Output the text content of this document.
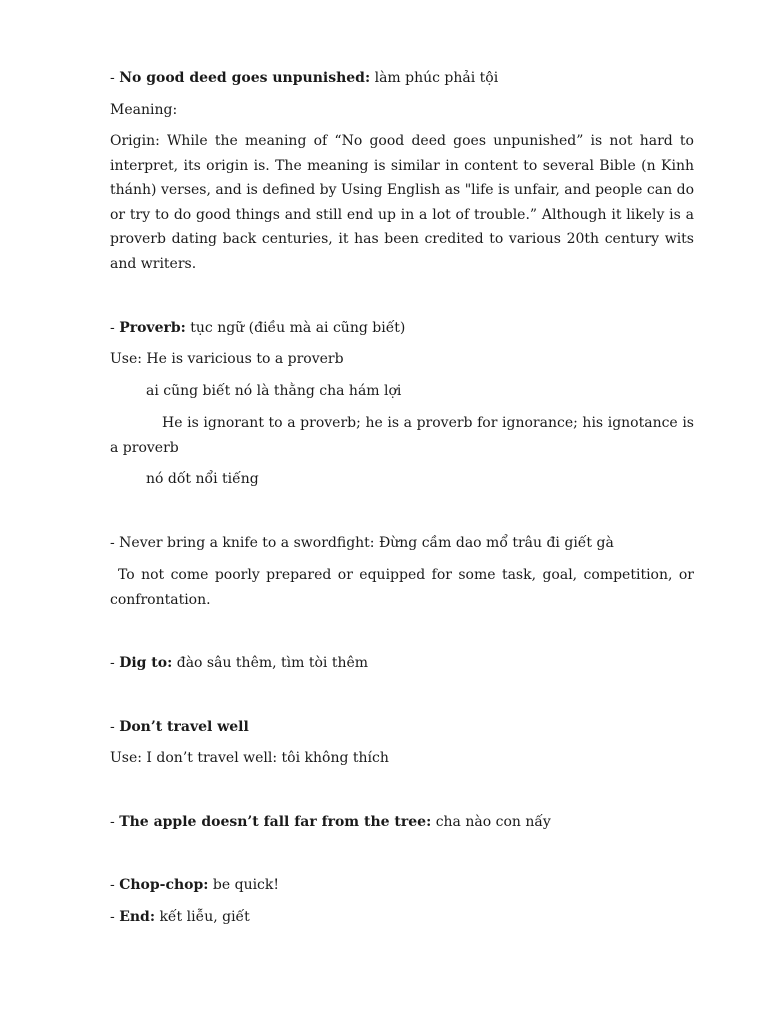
- No good deed goes unpunished: làm phúc phải tội
Meaning:
Origin: While the meaning of “No good deed goes unpunished” is not hard to interpret, its origin is. The meaning is similar in content to several Bible (n Kinh thánh) verses, and is defined by Using English as "life is unfair, and people can do or try to do good things and still end up in a lot of trouble.” Although it likely is a proverb dating back centuries, it has been credited to various 20th century wits and writers.
- Proverb: tục ngữ (điều mà ai cũng biết)
Use: He is varicious to a proverb
ai cũng biết nó là thằng cha hám lợi
He is ignorant to a proverb; he is a proverb for ignorance; his ignotance is a proverb
nó dốt nổi tiếng
- Never bring a knife to a swordfight: Đừng cầm dao mổ trâu đi giết gà
To not come poorly prepared or equipped for some task, goal, competition, or confrontation.
- Dig to: đào sâu thêm, tìm tòi thêm
- Don’t travel well
Use: I don’t travel well: tôi không thích
- The apple doesn’t fall far from the tree: cha nào con nấy
- Chop-chop: be quick!
- End: kết liễu, giết
